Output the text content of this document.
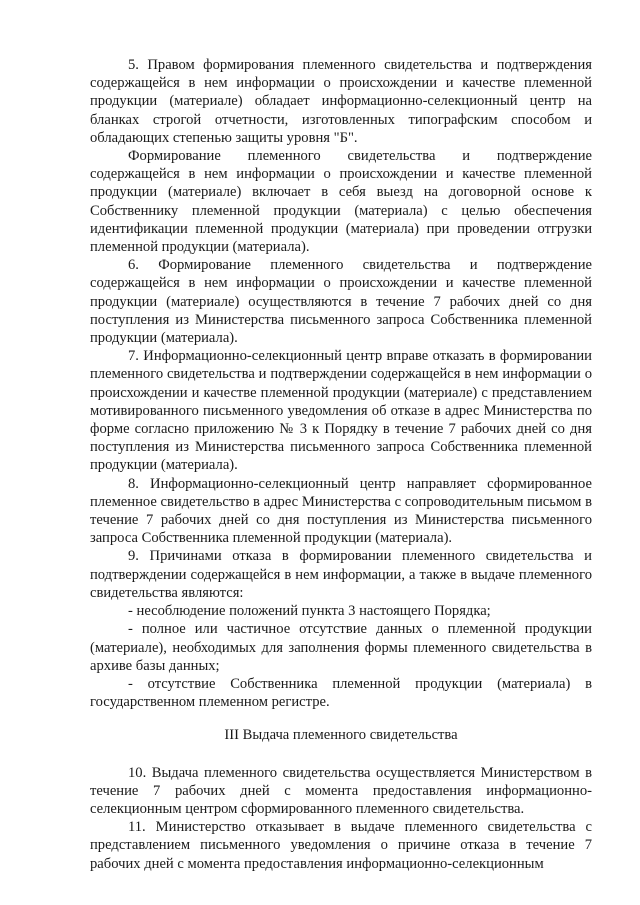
5. Правом формирования племенного свидетельства и подтверждения содержащейся в нем информации о происхождении и качестве племенной продукции (материале) обладает информационно-селекционный центр на бланках строгой отчетности, изготовленных типографским способом и обладающих степенью защиты уровня "Б".

Формирование племенного свидетельства и подтверждение содержащейся в нем информации о происхождении и качестве племенной продукции (материале) включает в себя выезд на договорной основе к Собственнику племенной продукции (материала) с целью обеспечения идентификации племенной продукции (материала) при проведении отгрузки племенной продукции (материала).

6. Формирование племенного свидетельства и подтверждение содержащейся в нем информации о происхождении и качестве племенной продукции (материале) осуществляются в течение 7 рабочих дней со дня поступления из Министерства письменного запроса Собственника племенной продукции (материала).

7. Информационно-селекционный центр вправе отказать в формировании племенного свидетельства и подтверждении содержащейся в нем информации о происхождении и качестве племенной продукции (материале) с представлением мотивированного письменного уведомления об отказе в адрес Министерства по форме согласно приложению № 3 к Порядку в течение 7 рабочих дней со дня поступления из Министерства письменного запроса Собственника племенной продукции (материала).

8. Информационно-селекционный центр направляет сформированное племенное свидетельство в адрес Министерства с сопроводительным письмом в течение 7 рабочих дней со дня поступления из Министерства письменного запроса Собственника племенной продукции (материала).

9. Причинами отказа в формировании племенного свидетельства и подтверждении содержащейся в нем информации, а также в выдаче племенного свидетельства являются:

- несоблюдение положений пункта 3 настоящего Порядка;

- полное или частичное отсутствие данных о племенной продукции (материале), необходимых для заполнения формы племенного свидетельства в архиве базы данных;

- отсутствие Собственника племенной продукции (материала) в государственном племенном регистре.

III Выдача племенного свидетельства

10. Выдача племенного свидетельства осуществляется Министерством в течение 7 рабочих дней с момента предоставления информационно-селекционным центром сформированного племенного свидетельства.

11. Министерство отказывает в выдаче племенного свидетельства с представлением письменного уведомления о причине отказа в течение 7 рабочих дней с момента предоставления информационно-селекционным
